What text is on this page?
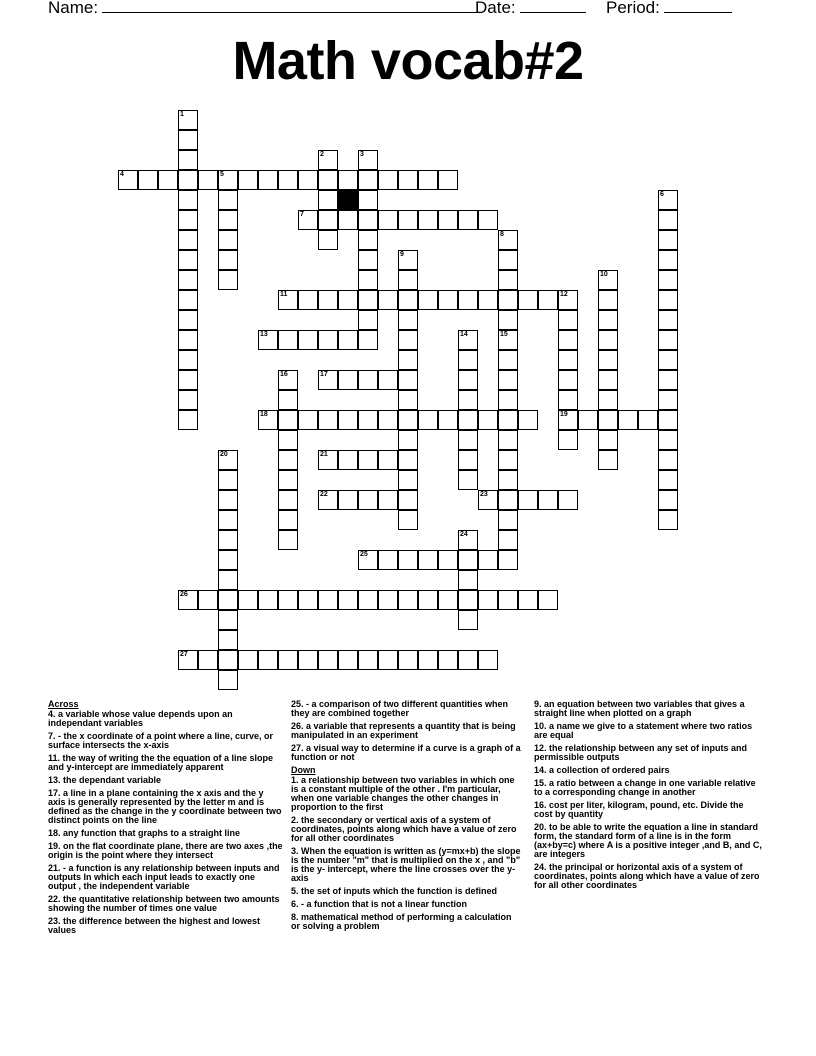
Name:	Date:	Period:
Math vocab#2
1
2	3
4	5
6
7
8
9
10
11	12
19
13	14	15
16	17
18
20	21
22	23
24
25
26
27
Across
4. a variable whose value depends upon an independant variables
7. - the x coordinate of a point where a line, curve, or surface intersects the x-axis
11. the way of writing the the equation of a line slope and y-intercept are immediately apparent
13. the dependant variable
17. a line in a plane containing the x axis and the y axis is generally represented by the letter m and is defined as the change in the y coordinate between two distinct points on the line
18. any function that graphs to a straight line
19. on the flat coordinate plane, there are two axes ,the origin is the point where they intersect
21. - a function is any relationship between inputs and outputs In which each input leads to exactly one output , the independent variable
22. the quantitative relationship between two amounts showing the number of times one value
23. the difference between the highest and lowest values
25. - a comparison of two different quantities when they are combined together
26. a variable that represents a quantity that is being manipulated in an experiment
27. a visual way to determine if a curve is a graph of a function or not
Down
1. a relationship between two variables in which one is a constant multiple of the other . I'm particular, when one variable changes the other changes in proportion to the first
2. the secondary or vertical axis of a system of coordinates, points along which have a value of zero for all other coordinates
3. When the equation is written as (y=mx+b) the slope is the number "m" that is multiplied on the x , and "b" is the y- intercept, where the line crosses over the y-axis
5. the set of inputs which the function is defined
6. - a function that is not a linear function
8. mathematical method of performing a calculation or solving a problem
9. an equation between two variables that gives a straight line when plotted on a graph
10. a name we give to a statement where two ratios are equal
12. the relationship between any set of inputs and permissible outputs
14. a collection of ordered pairs
15. a ratio between a change in one variable relative to a corresponding change in another
16. cost per liter, kilogram, pound, etc. Divide the cost by quantity
20. to be able to write the equation a line in standard form, the standard form of a line is in the form (ax+by=c) where A is a positive integer ,and B, and C, are integers
24. the principal or horizontal axis of a system of coordinates, points along which have a value of zero for all other coordinates
